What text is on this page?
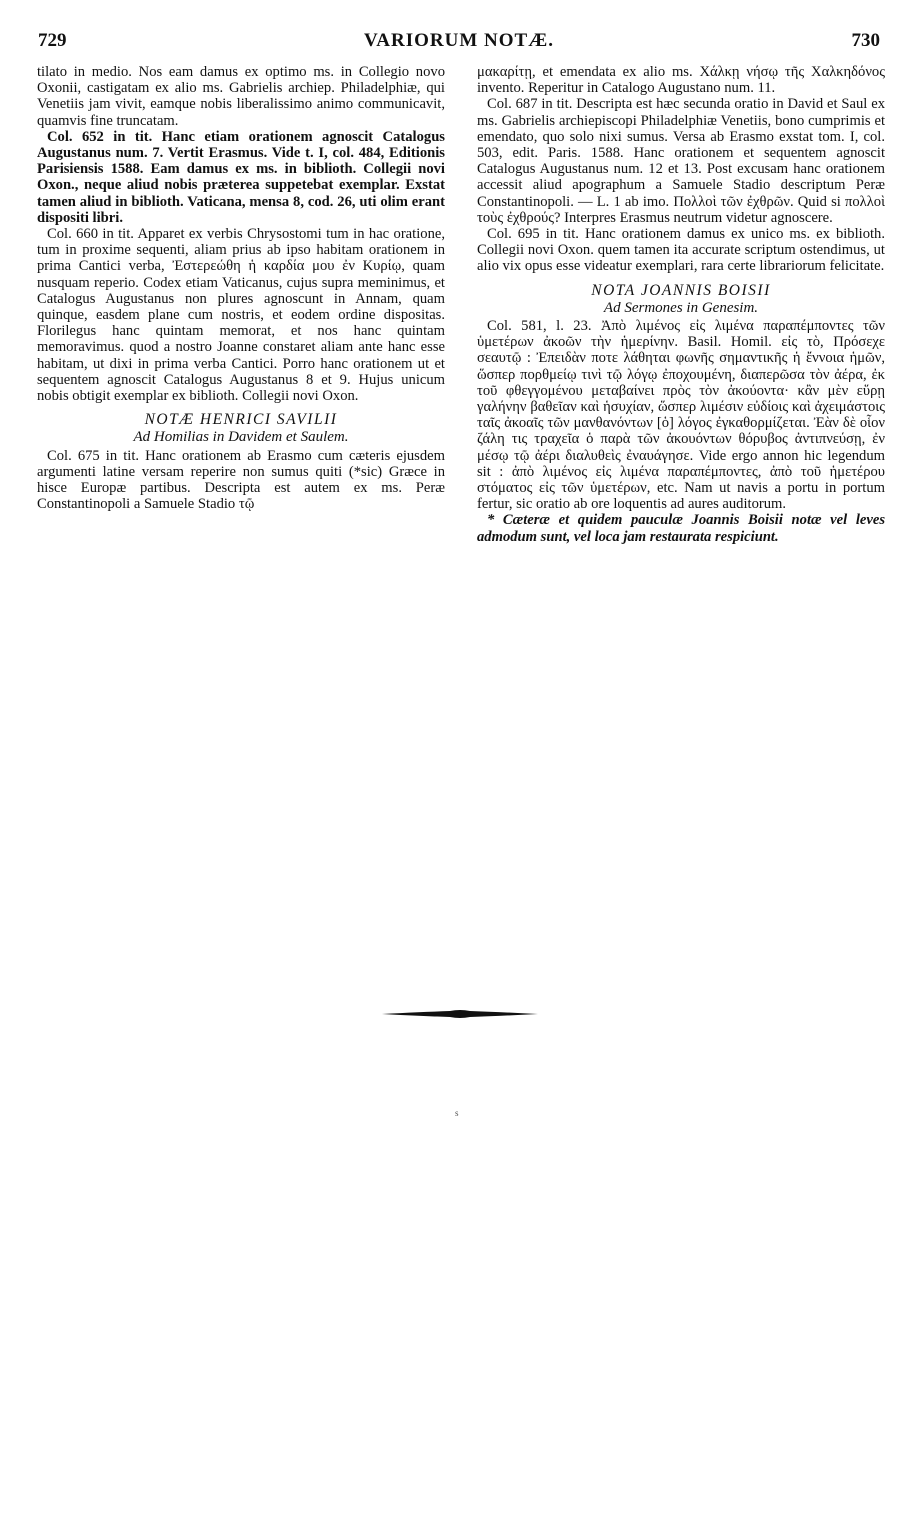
729	VARIORUM NOTÆ.	730

tilato in medio. Nos eam damus ex optimo ms. in Collegio novo Oxonii, castigatam ex alio ms. Gabrielis archiep. Philadelphiæ, qui Venetiis jam vivit, eamque nobis liberalissimo animo communicavit, quamvis fine truncatam.

Col. 652 in tit. Hanc etiam orationem agnoscit Catalogus Augustanus num. 7. Vertit Erasmus. Vide t. I, col. 484, Editionis Parisiensis 1588. Eam damus ex ms. in biblioth. Collegii novi Oxon., neque aliud nobis præterea suppetebat exemplar. Exstat tamen aliud in biblioth. Vaticana, mensa 8, cod. 26, uti olim erant dispositi libri.

Col. 660 in tit. Apparet ex verbis Chrysostomi tum in hac oratione, tum in proxime sequenti, aliam prius ab ipso habitam orationem in prima Cantici verba, Ἐστερεώθη ἡ καρδία μου ἐν Κυρίῳ, quam nusquam reperio. Codex etiam Vaticanus, cujus supra meminimus, et Catalogus Augustanus non plures agnoscunt in Annam, quam quinque, easdem plane cum nostris, et eodem ordine dispositas. Florilegus hanc quintam memorat, et nos hanc quintam memoravimus. quod a nostro Joanne constaret aliam ante hanc esse habitam, ut dixi in prima verba Cantici. Porro hanc orationem ut et sequentem agnoscit Catalogus Augustanus 8 et 9. Hujus unicum nobis obtigit exemplar ex biblioth. Collegii novi Oxon.

NOTÆ HENRICI SAVILII
Ad Homilias in Davidem et Saulem.

Col. 675 in tit. Hanc orationem ab Erasmo cum cæteris ejusdem argumenti latine versam reperire non sumus quiti (*sic) Græce in hisce Europæ partibus. Descripta est autem ex ms. Peræ Constantinopoli a Samuele Stadio τῷ

μακαρίτῃ, et emendata ex alio ms. Χάλκῃ νήσῳ τῆς Χαλκηδόνος invento. Reperitur in Catalogo Augustano num. 11.

Col. 687 in tit. Descripta est hæc secunda oratio in David et Saul ex ms. Gabrielis archiepiscopi Philadelphiæ Venetiis, bono cumprimis et emendato, quo solo nixi sumus. Versa ab Erasmo exstat tom. I, col. 503, edit. Paris. 1588. Hanc orationem et sequentem agnoscit Catalogus Augustanus num. 12 et 13. Post excusam hanc orationem accessit aliud apographum a Samuele Stadio descriptum Peræ Constantinopoli. — L. 1 ab imo. Πολλοὶ τῶν ἐχθρῶν. Quid si πολλοὶ τοὺς ἐχθρούς? Interpres Erasmus neutrum videtur agnoscere.

Col. 695 in tit. Hanc orationem damus ex unico ms. ex biblioth. Collegii novi Oxon. quem tamen ita accurate scriptum ostendimus, ut alio vix opus esse videatur exemplari, rara certe librariorum felicitate.

NOTA JOANNIS BOISII
Ad Sermones in Genesim.

Col. 581, l. 23. Ἀπὸ λιμένος εἰς λιμένα παραπέμποντες τῶν ὑμετέρων ἀκοῶν τὴν ἡμερίνην. Basil. Homil. εἰς τὸ, Πρόσεχε σεαυτῷ : Ἐπειδὰν ποτε λάθηται φωνῆς σημαντικῆς ἡ ἔννοια ἡμῶν, ὥσπερ πορθμείῳ τινὶ τῷ λόγῳ ἐποχουμένη, διαπερῶσα τὸν ἀέρα, ἐκ τοῦ φθεγγομένου μεταβαίνει πρὸς τὸν ἀκούοντα· κἂν μὲν εὕρῃ γαλήνην βαθεῖαν καὶ ἡσυχίαν, ὥσπερ λιμέσιν εὐδίοις καὶ ἀχειμάστοις ταῖς ἀκοαῖς τῶν μανθανόντων [ὁ] λόγος ἐγκαθορμίζεται. Ἐὰν δὲ οἷον ζάλη τις τραχεῖα ὁ παρὰ τῶν ἀκουόντων θόρυβος ἀντιπνεύσῃ, ἐν μέσῳ τῷ ἀέρι διαλυθεὶς ἐναυάγησε. Vide ergo annon hic legendum sit : ἀπὸ λιμένος εἰς λιμένα παραπέμποντες, ἀπὸ τοῦ ἡμετέρου στόματος εἰς τῶν ὑμετέρων, etc. Nam ut navis a portu in portum fertur, sic oratio ab ore loquentis ad aures auditorum.

* Cæteræ et quidem pauculæ Joannis Boisii notæ vel leves admodum sunt, vel loca jam restaurata respiciunt.

s
